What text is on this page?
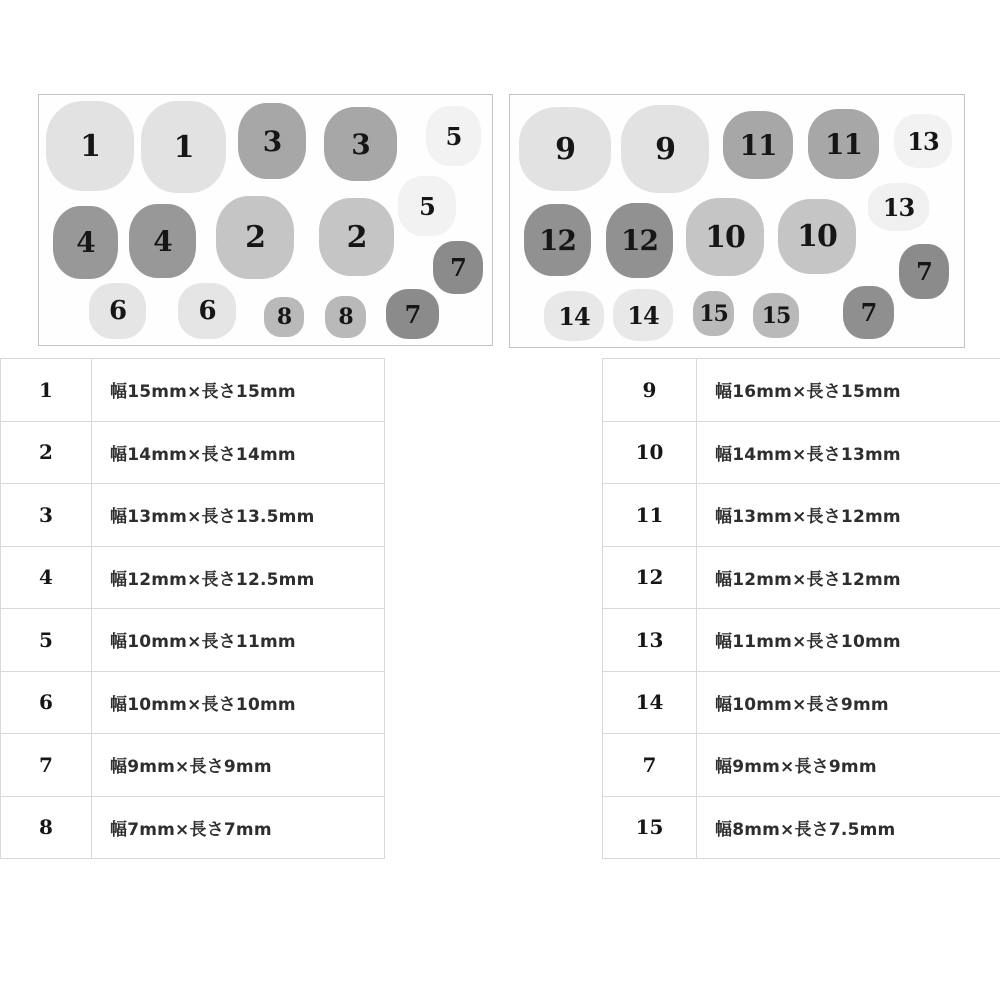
1	1	3	3	5
4	4	2	2
5
7
6	6	8	8	7
9	9	11	11	13
12	12	10	10
13
7
14	14	15	15	7
1	幅15mm×長さ15mm
2	幅14mm×長さ14mm
3	幅13mm×長さ13.5mm
4	幅12mm×長さ12.5mm
5	幅10mm×長さ11mm
6	幅10mm×長さ10mm
7	幅9mm×長さ9mm
8	幅7mm×長さ7mm
9	幅16mm×長さ15mm
10	幅14mm×長さ13mm
11	幅13mm×長さ12mm
12	幅12mm×長さ12mm
13	幅11mm×長さ10mm
14	幅10mm×長さ9mm
7	幅9mm×長さ9mm
15	幅8mm×長さ7.5mm
